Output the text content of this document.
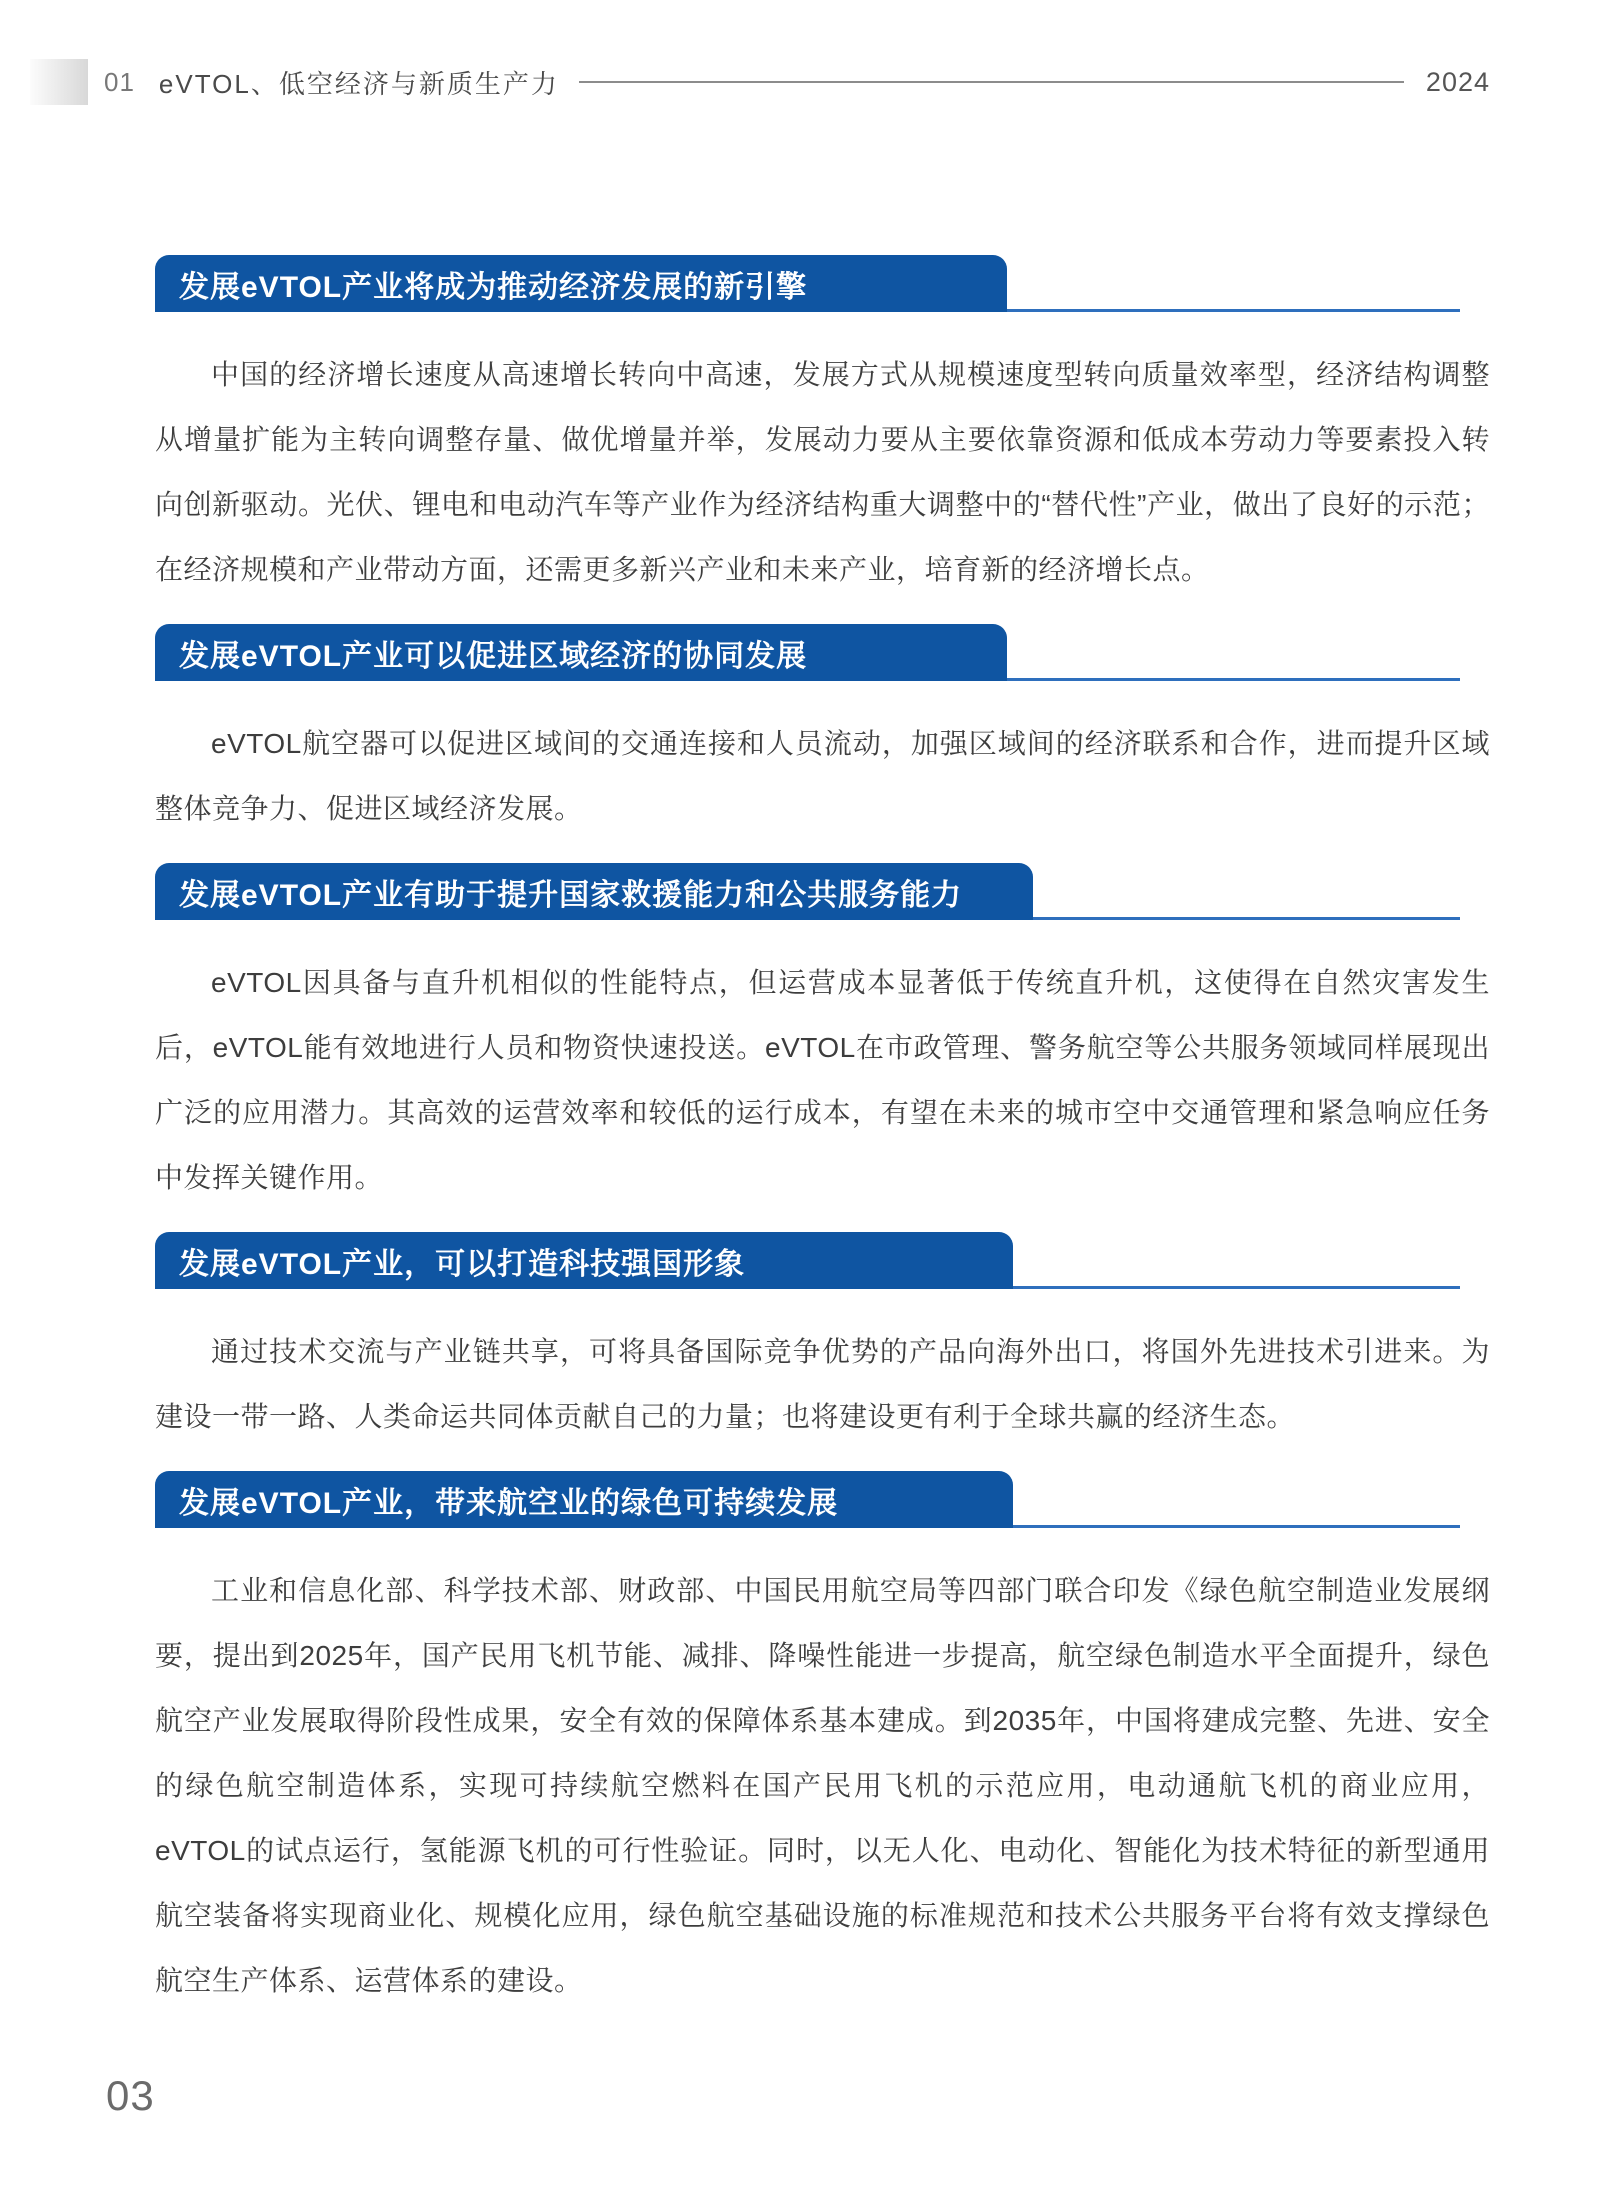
01 eVTOL、低空经济与新质生产力	2024
发展eVTOL产业将成为推动经济发展的新引擎

中国的经济增长速度从高速增长转向中高速，发展方式从规模速度型转向质量效率型，经济结构调整从增量扩能为主转向调整存量、做优增量并举，发展动力要从主要依靠资源和低成本劳动力等要素投入转向创新驱动。光伏、锂电和电动汽车等产业作为经济结构重大调整中的“替代性”产业，做出了良好的示范；在经济规模和产业带动方面，还需更多新兴产业和未来产业，培育新的经济增长点。

发展eVTOL产业可以促进区域经济的协同发展

eVTOL航空器可以促进区域间的交通连接和人员流动，加强区域间的经济联系和合作，进而提升区域整体竞争力、促进区域经济发展。

发展eVTOL产业有助于提升国家救援能力和公共服务能力

eVTOL因具备与直升机相似的性能特点，但运营成本显著低于传统直升机，这使得在自然灾害发生后，eVTOL能有效地进行人员和物资快速投送。eVTOL在市政管理、警务航空等公共服务领域同样展现出广泛的应用潜力。其高效的运营效率和较低的运行成本，有望在未来的城市空中交通管理和紧急响应任务中发挥关键作用。

发展eVTOL产业，可以打造科技强国形象

通过技术交流与产业链共享，可将具备国际竞争优势的产品向海外出口，将国外先进技术引进来。为建设一带一路、人类命运共同体贡献自己的力量；也将建设更有利于全球共赢的经济生态。

发展eVTOL产业，带来航空业的绿色可持续发展

工业和信息化部、科学技术部、财政部、中国民用航空局等四部门联合印发《绿色航空制造业发展纲要，提出到2025年，国产民用飞机节能、减排、降噪性能进一步提高，航空绿色制造水平全面提升，绿色航空产业发展取得阶段性成果，安全有效的保障体系基本建成。到2035年，中国将建成完整、先进、安全的绿色航空制造体系，实现可持续航空燃料在国产民用飞机的示范应用，电动通航飞机的商业应用，eVTOL的试点运行，氢能源飞机的可行性验证。同时，以无人化、电动化、智能化为技术特征的新型通用航空装备将实现商业化、规模化应用，绿色航空基础设施的标准规范和技术公共服务平台将有效支撑绿色航空生产体系、运营体系的建设。

03
